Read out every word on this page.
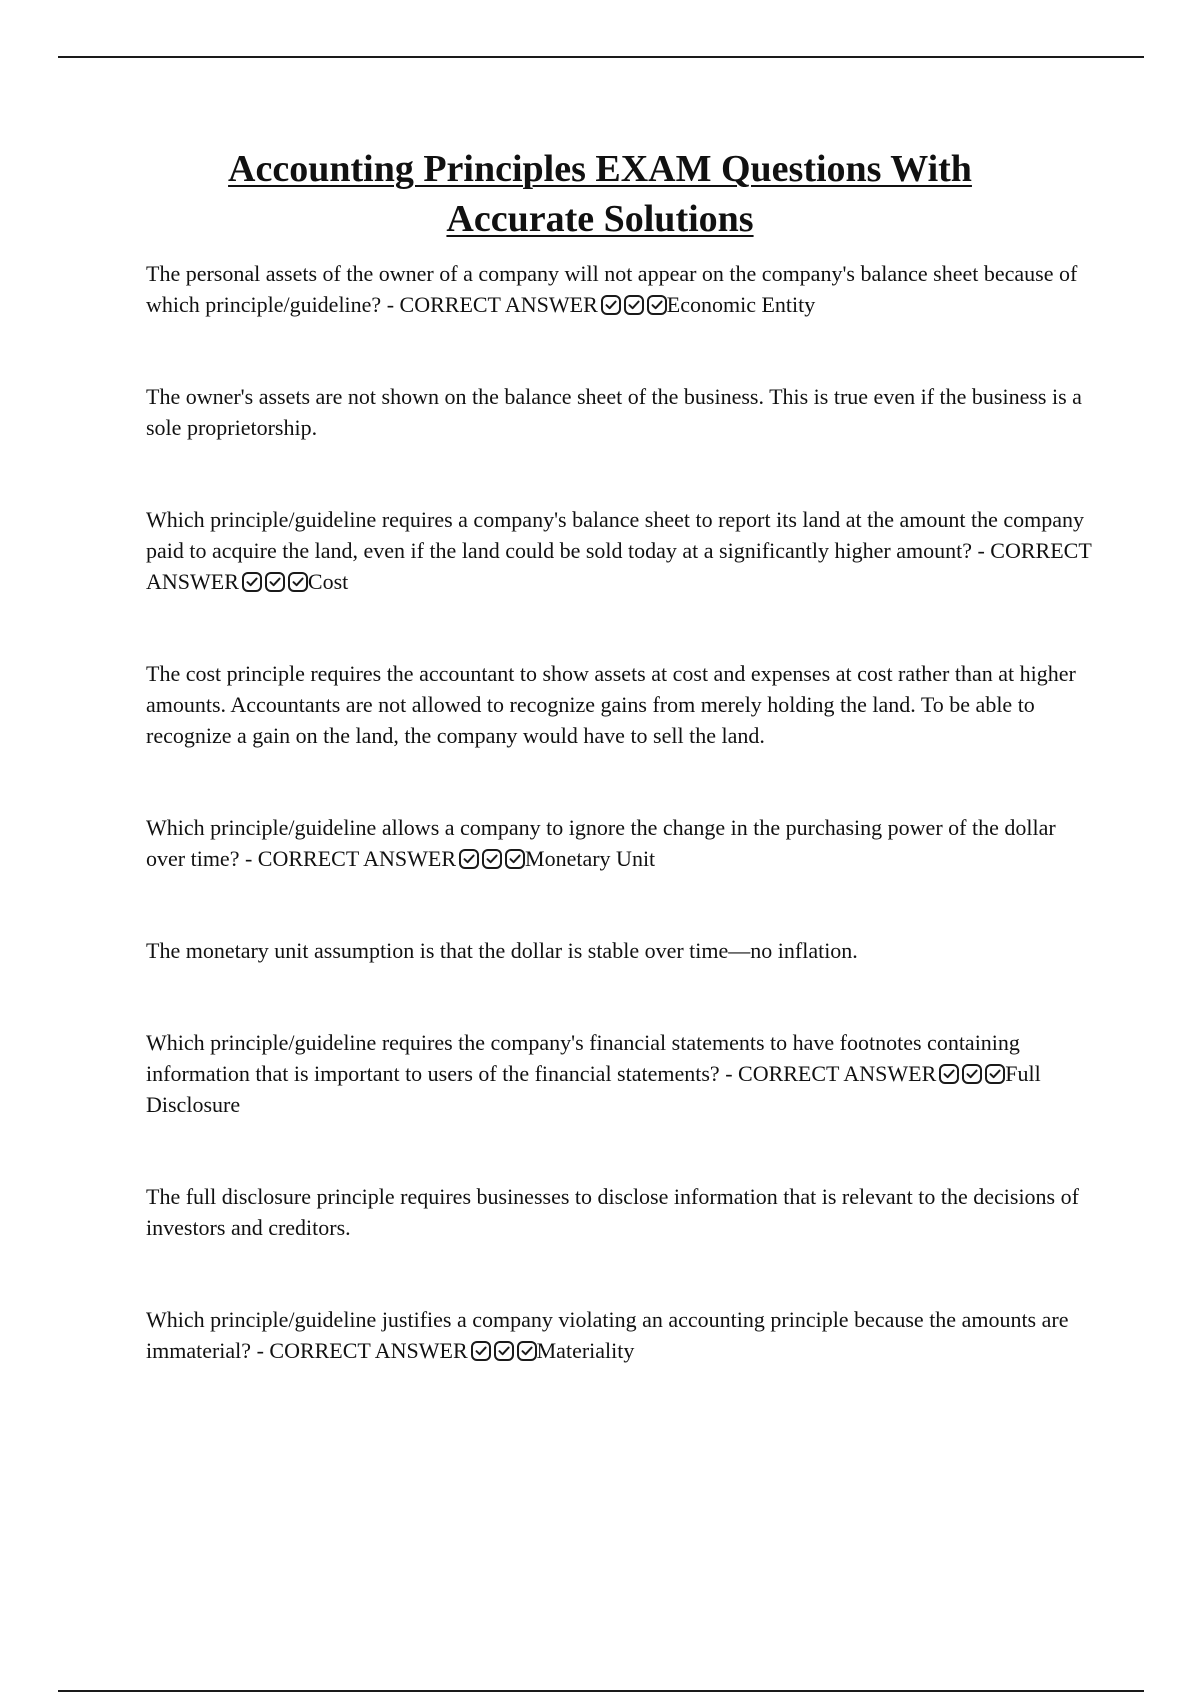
Accounting Principles EXAM Questions With
Accurate Solutions

The personal assets of the owner of a company will not appear on the company's balance sheet because of which principle/guideline? - CORRECT ANSWER	Economic Entity

The owner's assets are not shown on the balance sheet of the business. This is true even if the business is a sole proprietorship.

Which principle/guideline requires a company's balance sheet to report its land at the amount the company paid to acquire the land, even if the land could be sold today at a significantly higher amount? - CORRECT ANSWER	Cost

The cost principle requires the accountant to show assets at cost and expenses at cost rather than at higher amounts. Accountants are not allowed to recognize gains from merely holding the land. To be able to recognize a gain on the land, the company would have to sell the land.

Which principle/guideline allows a company to ignore the change in the purchasing power of the dollar over time? - CORRECT ANSWER	Monetary Unit

The monetary unit assumption is that the dollar is stable over time—no inflation.

Which principle/guideline requires the company's financial statements to have footnotes containing information that is important to users of the financial statements? - CORRECT ANSWER	Full Disclosure

The full disclosure principle requires businesses to disclose information that is relevant to the decisions of investors and creditors.

Which principle/guideline justifies a company violating an accounting principle because the amounts are immaterial? - CORRECT ANSWER	Materiality
